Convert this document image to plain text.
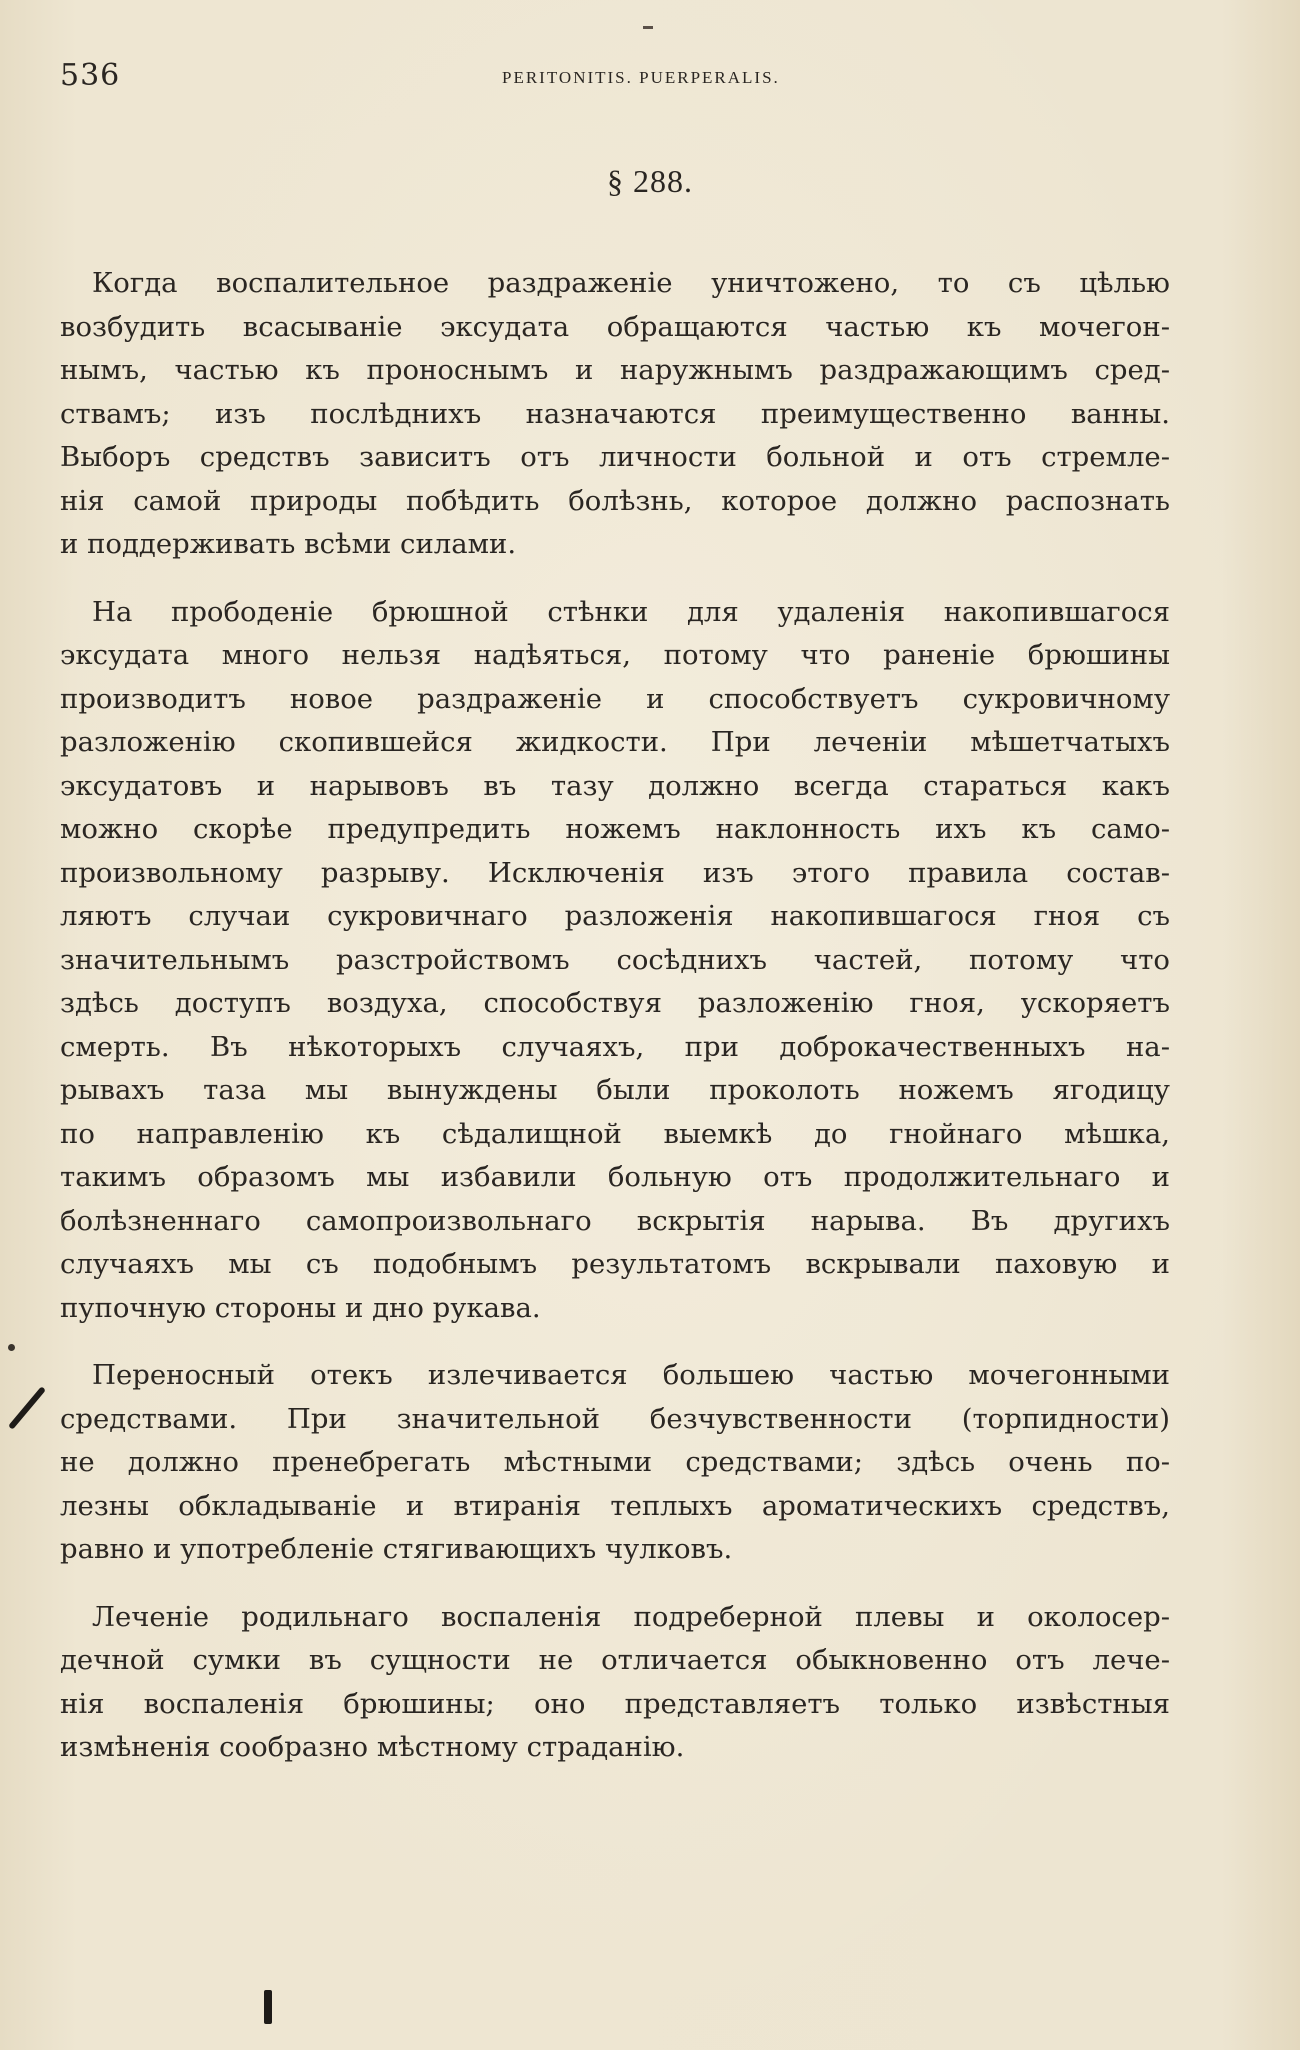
536	PERITONITIS. PUERPERALIS.
§ 288.
Когда воспалительное раздраженіе уничтожено, то съ цѣлью
возбудить всасываніе эксудата обращаются частью къ мочегон-
нымъ, частью къ проноснымъ и наружнымъ раздражающимъ сред-
ствамъ; изъ послѣднихъ назначаются преимущественно ванны.
Выборъ средствъ зависитъ отъ личности больной и отъ стремле-
нія самой природы побѣдить болѣзнь, которое должно распознать
и поддерживать всѣми силами.
На прободеніе брюшной стѣнки для удаленія накопившагося
эксудата много нельзя надѣяться, потому что раненіе брюшины
производитъ новое раздраженіе и способствуетъ сукровичному
разложенію скопившейся жидкости. При леченіи мѣшетчатыхъ
эксудатовъ и нарывовъ въ тазу должно всегда стараться какъ
можно скорѣе предупредить ножемъ наклонность ихъ къ само-
произвольному разрыву. Исключенія изъ этого правила состав-
ляютъ случаи сукровичнаго разложенія накопившагося гноя съ
значительнымъ разстройствомъ сосѣднихъ частей, потому что
здѣсь доступъ воздуха, способствуя разложенію гноя, ускоряетъ
смерть. Въ нѣкоторыхъ случаяхъ, при доброкачественныхъ на-
рывахъ таза мы вынуждены были проколоть ножемъ ягодицу
по направленію къ сѣдалищной выемкѣ до гнойнаго мѣшка,
такимъ образомъ мы избавили больную отъ продолжительнаго и
болѣзненнаго самопроизвольнаго вскрытія нарыва. Въ другихъ
случаяхъ мы съ подобнымъ результатомъ вскрывали паховую и
пупочную стороны и дно рукава.
Переносный отекъ излечивается большею частью мочегонными
средствами. При значительной безчувственности (торпидности)
не должно пренебрегать мѣстными средствами; здѣсь очень по-
лезны обкладываніе и втиранія теплыхъ ароматическихъ средствъ,
равно и употребленіе стягивающихъ чулковъ.
Леченіе родильнаго воспаленія подреберной плевы и околосер-
дечной сумки въ сущности не отличается обыкновенно отъ лече-
нія воспаленія брюшины; оно представляетъ только извѣстныя
измѣненія сообразно мѣстному страданію.
